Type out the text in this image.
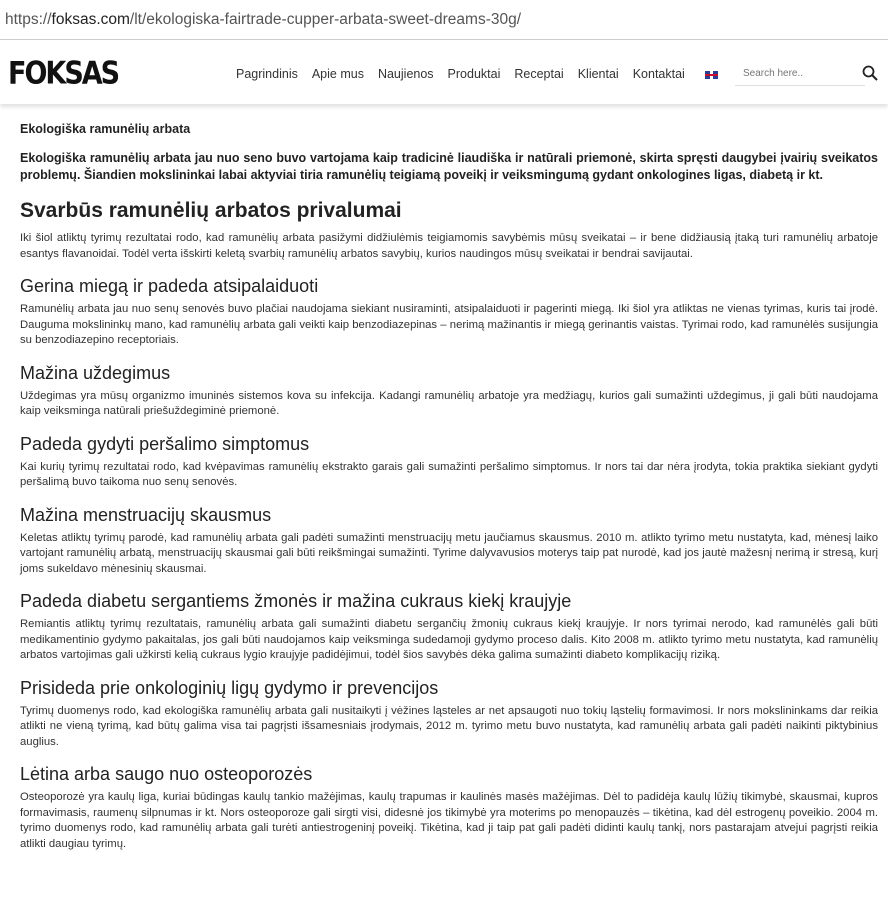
https:// foksas.com /lt/ekologiska-fairtrade-cupper-arbata-sweet-dreams-30g/
FOKSAS	Pagrindinis Apie mus Naujienos Produktai Receptai Klientai Kontaktai
Search here..

Ekologiška ramunėlių arbata

Ekologiška ramunėlių arbata jau nuo seno buvo vartojama kaip tradicinė liaudiška ir natūrali priemonė, skirta spręsti daugybei įvairių sveikatos problemų. Šiandien mokslininkai labai aktyviai tiria ramunėlių teigiamą poveikį ir veiksmingumą gydant onkologines ligas, diabetą ir kt.

Svarbūs ramunėlių arbatos privalumai

Iki šiol atliktų tyrimų rezultatai rodo, kad ramunėlių arbata pasižymi didžiulėmis teigiamomis savybėmis mūsų sveikatai – ir bene didžiausią įtaką turi ramunėlių arbatoje esantys flavanoidai. Todėl verta išskirti keletą svarbių ramunėlių arbatos savybių, kurios naudingos mūsų sveikatai ir bendrai savijautai.

Gerina miegą ir padeda atsipalaiduoti

Ramunėlių arbata jau nuo senų senovės buvo plačiai naudojama siekiant nusiraminti, atsipalaiduoti ir pagerinti miegą. Iki šiol yra atliktas ne vienas tyrimas, kuris tai įrodė. Dauguma mokslininkų mano, kad ramunėlių arbata gali veikti kaip benzodiazepinas – nerimą mažinantis ir miegą gerinantis vaistas. Tyrimai rodo, kad ramunėlės susijungia su benzodiazepino receptoriais.

Mažina uždegimus

Uždegimas yra mūsų organizmo imuninės sistemos kova su infekcija. Kadangi ramunėlių arbatoje yra medžiagų, kurios gali sumažinti uždegimus, ji gali būti naudojama kaip veiksminga natūrali priešuždegiminė priemonė.

Padeda gydyti peršalimo simptomus

Kai kurių tyrimų rezultatai rodo, kad kvėpavimas ramunėlių ekstrakto garais gali sumažinti peršalimo simptomus. Ir nors tai dar nėra įrodyta, tokia praktika siekiant gydyti peršalimą buvo taikoma nuo senų senovės.

Mažina menstruacijų skausmus

Keletas atliktų tyrimų parodė, kad ramunėlių arbata gali padėti sumažinti menstruacijų metu jaučiamus skausmus. 2010 m. atlikto tyrimo metu nustatyta, kad, mėnesį laiko vartojant ramunėlių arbatą, menstruacijų skausmai gali būti reikšmingai sumažinti. Tyrime dalyvavusios moterys taip pat nurodė, kad jos jautė mažesnį nerimą ir stresą, kurį joms sukeldavo mėnesinių skausmai.

Padeda diabetu sergantiems žmonės ir mažina cukraus kiekį kraujyje

Remiantis atliktų tyrimų rezultatais, ramunėlių arbata gali sumažinti diabetu sergančių žmonių cukraus kiekį kraujyje. Ir nors tyrimai nerodo, kad ramunėlės gali būti medikamentinio gydymo pakaitalas, jos gali būti naudojamos kaip veiksminga sudedamoji gydymo proceso dalis. Kito 2008 m. atlikto tyrimo metu nustatyta, kad ramunėlių arbatos vartojimas gali užkirsti kelią cukraus lygio kraujyje padidėjimui, todėl šios savybės dėka galima sumažinti diabeto komplikacijų riziką.

Prisideda prie onkologinių ligų gydymo ir prevencijos

Tyrimų duomenys rodo, kad ekologiška ramunėlių arbata gali nusitaikyti į vėžines ląsteles ar net apsaugoti nuo tokių ląstelių formavimosi. Ir nors mokslininkams dar reikia atlikti ne vieną tyrimą, kad būtų galima visa tai pagrįsti išsamesniais įrodymais, 2012 m. tyrimo metu buvo nustatyta, kad ramunėlių arbata gali padėti naikinti piktybinius auglius.

Lėtina arba saugo nuo osteoporozės

Osteoporozė yra kaulų liga, kuriai būdingas kaulų tankio mažėjimas, kaulų trapumas ir kaulinės masės mažėjimas. Dėl to padidėja kaulų lūžių tikimybė, skausmai, kupros formavimasis, raumenų silpnumas ir kt. Nors osteoporoze gali sirgti visi, didesnė jos tikimybė yra moterims po menopauzės – tikėtina, kad dėl estrogenų poveikio. 2004 m. tyrimo duomenys rodo, kad ramunėlių arbata gali turėti antiestrogeninį poveikį. Tikėtina, kad ji taip pat gali padėti didinti kaulų tankį, nors pastarajam atvejui pagrįsti reikia atlikti daugiau tyrimų.
